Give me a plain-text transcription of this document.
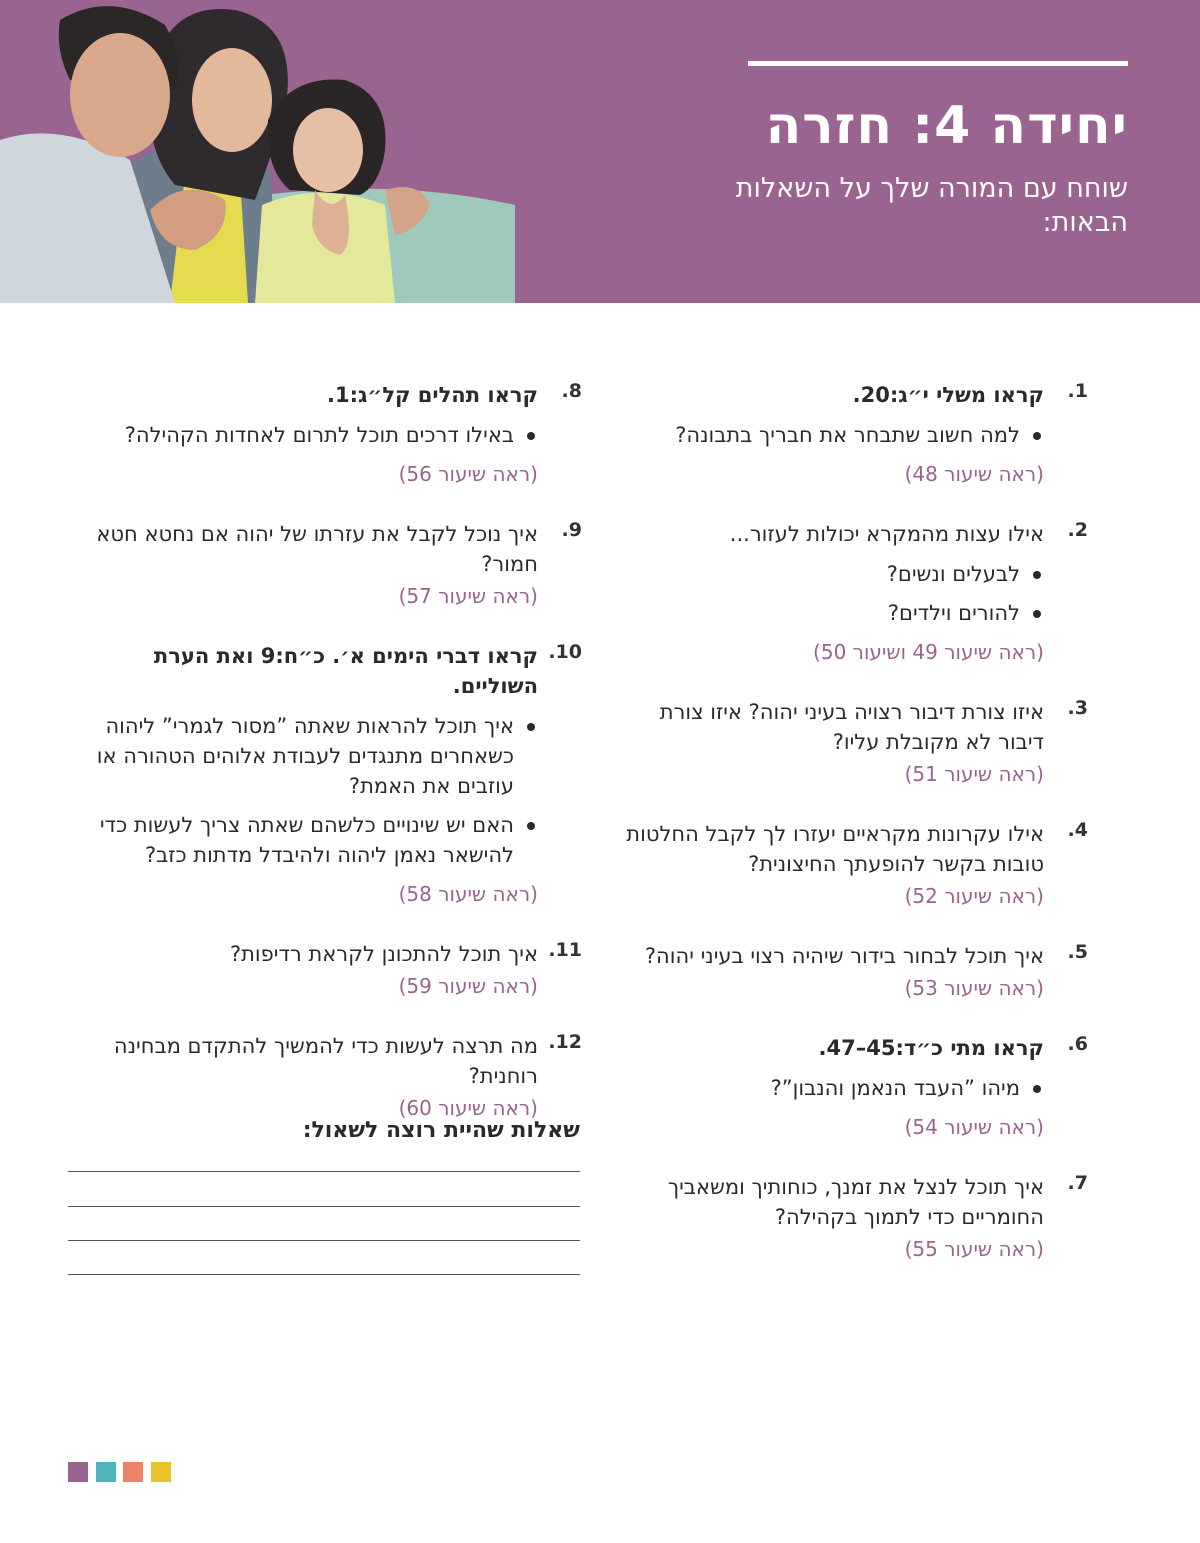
יחידה 4: חזרה
שוחח עם המורה שלך על השאלות הבאות:
1.
קראו משלי י״ג:20.
למה חשוב שתבחר את חבריך בתבונה?
(ראה שיעור 48)
2.
אילו עצות מהמקרא יכולות לעזור...
לבעלים ונשים?
להורים וילדים?
(ראה שיעור 49 ושיעור 50)
3.
איזו צורת דיבור רצויה בעיני יהוה? איזו צורת דיבור לא מקובלת עליו?
(ראה שיעור 51)
4.
אילו עקרונות מקראיים יעזרו לך לקבל החלטות טובות בקשר להופעתך החיצונית?
(ראה שיעור 52)
5.
איך תוכל לבחור בידור שיהיה רצוי בעיני יהוה?
(ראה שיעור 53)
6.
קראו מתי כ״ד:45–47.
מיהו ”העבד הנאמן והנבון”?
(ראה שיעור 54)
7.
איך תוכל לנצל את זמנך, כוחותיך ומשאביך החומריים כדי לתמוך בקהילה?
(ראה שיעור 55)
8.
קראו תהלים קל״ג:1.
באילו דרכים תוכל לתרום לאחדות הקהילה?
(ראה שיעור 56)
9.
איך נוכל לקבל את עזרתו של יהוה אם נחטא חטא חמור?
(ראה שיעור 57)
10.
קראו דברי הימים א׳. כ״ח:9 ואת הערת השוליים.
איך תוכל להראות שאתה ”מסור לגמרי” ליהוה כשאחרים מתנגדים לעבודת אלוהים הטהורה או עוזבים את האמת?
האם יש שינויים כלשהם שאתה צריך לעשות כדי להישאר נאמן ליהוה ולהיבדל מדתות כזב?
(ראה שיעור 58)
11.
איך תוכל להתכונן לקראת רדיפות?
(ראה שיעור 59)
12.
מה תרצה לעשות כדי להמשיך להתקדם מבחינה רוחנית?
(ראה שיעור 60)
שאלות שהיית רוצה לשאול:
